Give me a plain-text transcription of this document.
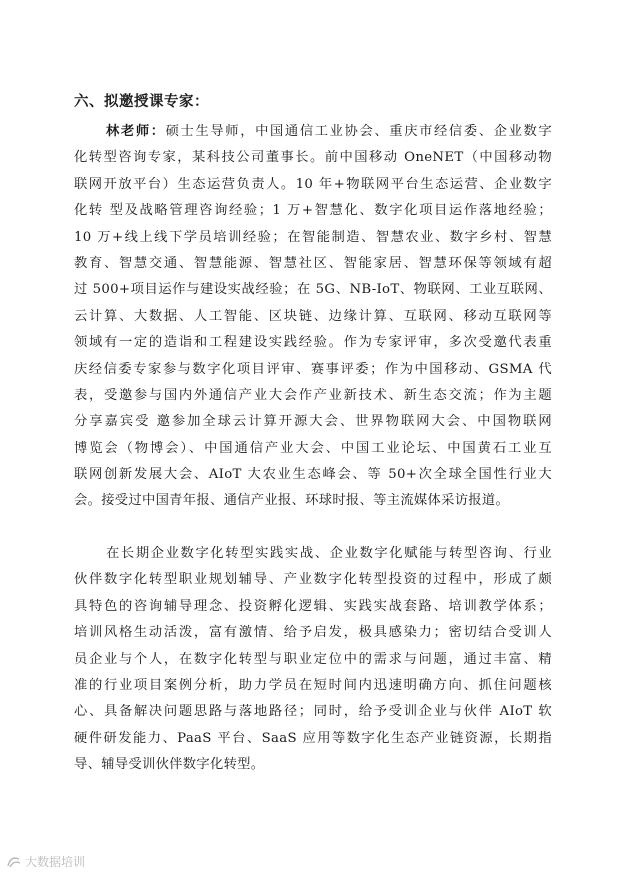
六、拟邀授课专家：
林老师：硕士生导师，中国通信工业协会、重庆市经信委、企业数字
化转型咨询专家，某科技公司董事长。前中国移动 OneNET（中国移动物
联网开放平台）生态运营负责人。10 年+物联网平台生态运营、企业数字
化转 型及战略管理咨询经验；1 万+智慧化、数字化项目运作落地经验；
10 万+线上线下学员培训经验；在智能制造、智慧农业、数字乡村、智慧
教育、智慧交通、智慧能源、智慧社区、智能家居、智慧环保等领域有超
过 500+项目运作与建设实战经验；在 5G、NB-IoT、物联网、工业互联网、
云计算、大数据、人工智能、区块链、边缘计算、互联网、移动互联网等
领域有一定的造诣和工程建设实践经验。作为专家评审，多次受邀代表重
庆经信委专家参与数字化项目评审、赛事评委；作为中国移动、GSMA 代
表，受邀参与国内外通信产业大会作产业新技术、新生态交流；作为主题
分享嘉宾受 邀参加全球云计算开源大会、世界物联网大会、中国物联网
博览会（物博会）、中国通信产业大会、中国工业论坛、中国黄石工业互
联网创新发展大会、AIoT 大农业生态峰会、等 50+次全球全国性行业大
会。接受过中国青年报、通信产业报、环球时报、等主流媒体采访报道。
在长期企业数字化转型实践实战、企业数字化赋能与转型咨询、行业
伙伴数字化转型职业规划辅导、产业数字化转型投资的过程中，形成了颇
具特色的咨询辅导理念、投资孵化逻辑、实践实战套路、培训教学体系；
培训风格生动活泼，富有激情、给予启发，极具感染力；密切结合受训人
员企业与个人，在数字化转型与职业定位中的需求与问题，通过丰富、精
准的行业项目案例分析，助力学员在短时间内迅速明确方向、抓住问题核
心、具备解决问题思路与落地路径；同时，给予受训企业与伙伴 AIoT 软
硬件研发能力、PaaS 平台、SaaS 应用等数字化生态产业链资源，长期指
导、辅导受训伙伴数字化转型。
大数据培训
